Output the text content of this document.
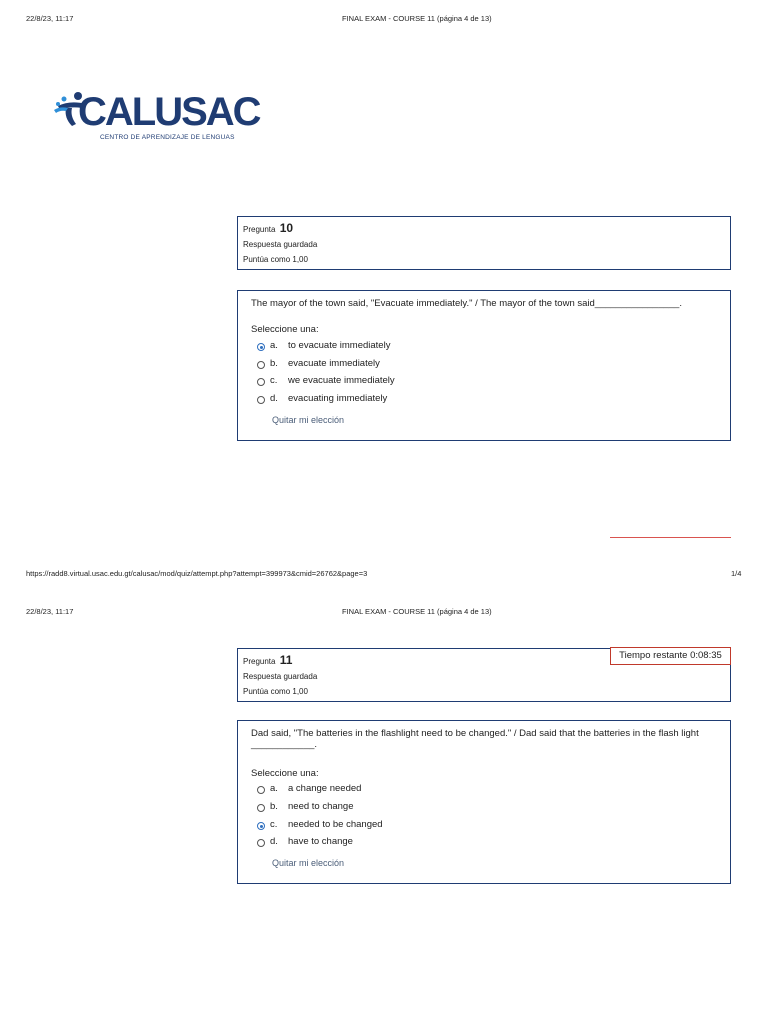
22/8/23, 11:17	FINAL EXAM - COURSE 11 (página 4 de 13)
CALUSAC
CENTRO DE APRENDIZAJE DE LENGUAS
Pregunta 10
Respuesta guardada
Puntúa como 1,00
The mayor of the town said, "Evacuate immediately." / The mayor of the town said________________.
Seleccione una:
a. to evacuate immediately
b. evacuate immediately
c. we evacuate immediately
d. evacuating immediately
Quitar mi elección
https://radd8.virtual.usac.edu.gt/calusac/mod/quiz/attempt.php?attempt=399973&cmid=26762&page=3	1/4
22/8/23, 11:17	FINAL EXAM - COURSE 11 (página 4 de 13)
Pregunta 11
Respuesta guardada
Puntúa como 1,00
Tiempo restante 0:08:35
Dad said, "The batteries in the flashlight need to be changed." / Dad said that the batteries in the flash light ____________.
Seleccione una:
a. a change needed
b. need to change
c. needed to be changed
d. have to change
Quitar mi elección
